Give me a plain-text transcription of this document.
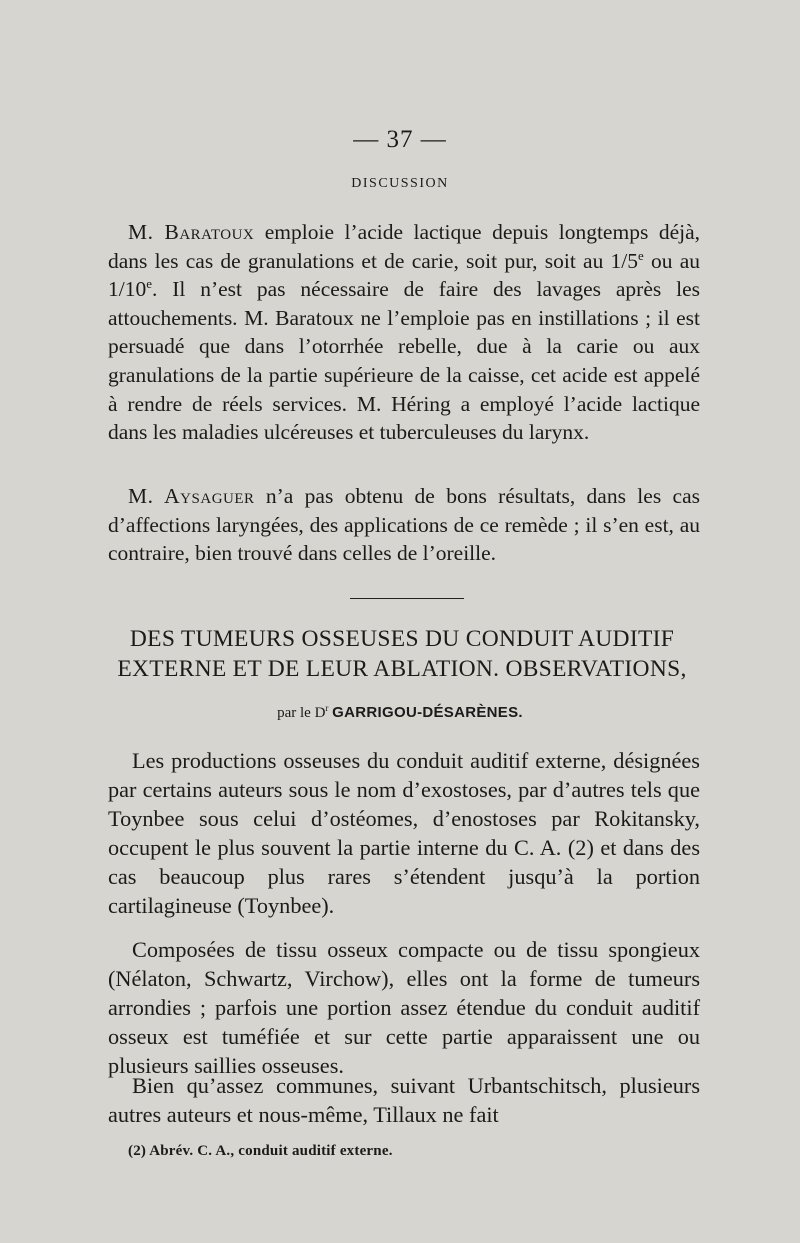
— 37 —
DISCUSSION

M. Baratoux emploie l’acide lactique depuis longtemps déjà, dans les cas de granulations et de carie, soit pur, soit au 1/5e ou au 1/10e. Il n’est pas nécessaire de faire des lavages après les attouchements. M. Baratoux ne l’emploie pas en instillations ; il est persuadé que dans l’otorrhée rebelle, due à la carie ou aux granulations de la partie supérieure de la caisse, cet acide est appelé à rendre de réels services. M. Héring a employé l’acide lactique dans les maladies ulcéreuses et tuberculeuses du larynx.

M. Aysaguer n’a pas obtenu de bons résultats, dans les cas d’affections laryngées, des applications de ce remède ; il s’en est, au contraire, bien trouvé dans celles de l’oreille.

DES TUMEURS OSSEUSES DU CONDUIT AUDITIF
EXTERNE ET DE LEUR ABLATION. OBSERVATIONS,
par le $D^r$ GARRIGOU-DÉSARÈNES.

Les productions osseuses du conduit auditif externe, désignées par certains auteurs sous le nom d’exostoses, par d’autres tels que Toynbee sous celui d’ostéomes, d’enostoses par Rokitansky, occupent le plus souvent la partie interne du C. A. (2) et dans des cas beaucoup plus rares s’étendent jusqu’à la portion cartilagineuse (Toynbee).

Composées de tissu osseux compacte ou de tissu spongieux (Nélaton, Schwartz, Virchow), elles ont la forme de tumeurs arrondies ; parfois une portion assez étendue du conduit auditif osseux est tuméfiée et sur cette partie apparaissent une ou plusieurs saillies osseuses.

Bien qu’assez communes, suivant Urbantschitsch, plusieurs autres auteurs et nous-même, Tillaux ne fait

(2) Abrév. C. A., conduit auditif externe.
